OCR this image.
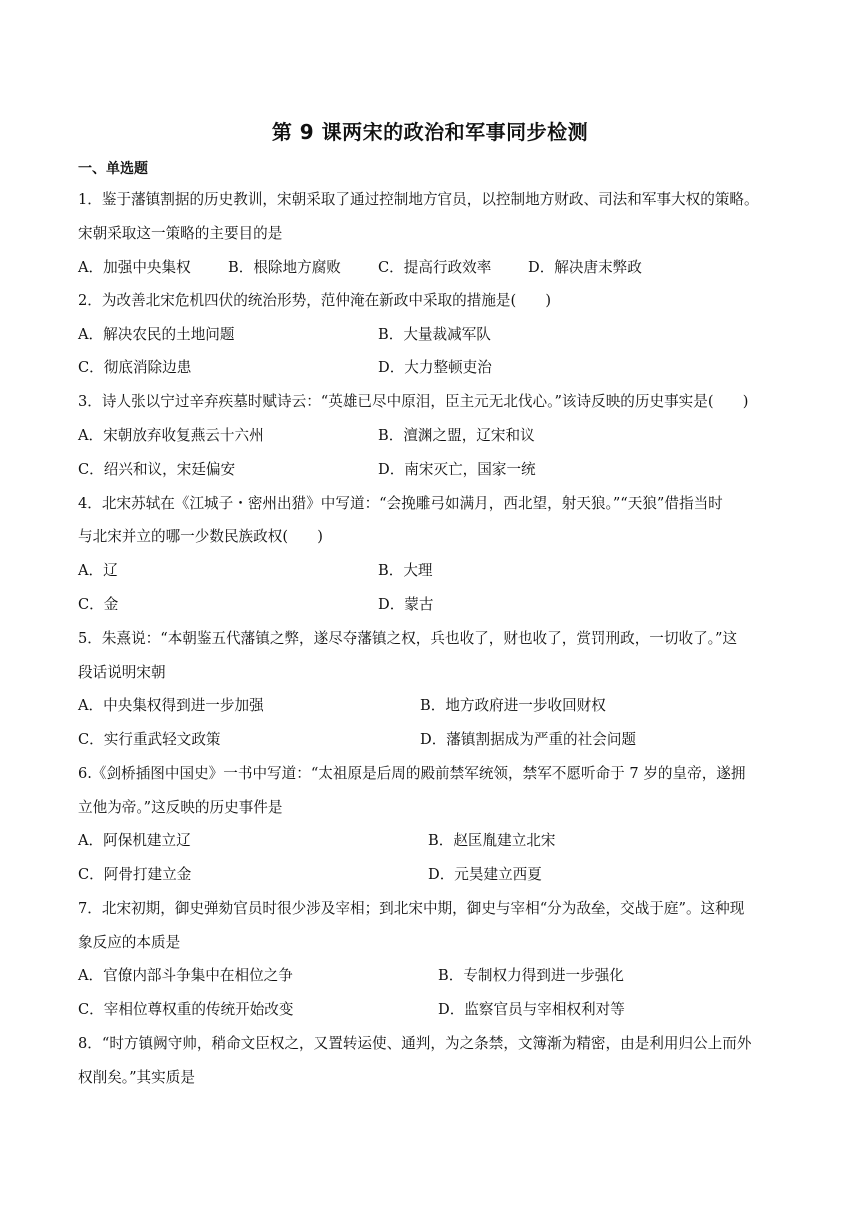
第 9 课两宋的政治和军事同步检测
一、单选题
1．鉴于藩镇割据的历史教训，宋朝采取了通过控制地方官员，以控制地方财政、司法和军事大权的策略。
宋朝采取这一策略的主要目的是
A．加强中央集权	B．根除地方腐败	C．提高行政效率	D．解决唐末弊政
2．为改善北宋危机四伏的统治形势，范仲淹在新政中采取的措施是(　　)
A．解决农民的土地问题	B．大量裁减军队
C．彻底消除边患	D．大力整顿吏治
3．诗人张以宁过辛弃疾墓时赋诗云：“英雄已尽中原泪，臣主元无北伐心。”该诗反映的历史事实是(　　)
A．宋朝放弃收复燕云十六州	B．澶渊之盟，辽宋和议
C．绍兴和议，宋廷偏安	D．南宋灭亡，国家一统
4．北宋苏轼在《江城子・密州出猎》中写道：“会挽雕弓如满月，西北望，射天狼。”“天狼”借指当时
与北宋并立的哪一少数民族政权(　　)
A．辽	B．大理
C．金	D．蒙古
5．朱熹说：“本朝鉴五代藩镇之弊，遂尽夺藩镇之权，兵也收了，财也收了，赏罚刑政，一切收了。”这
段话说明宋朝
A．中央集权得到进一步加强	B．地方政府进一步收回财权
C．实行重武轻文政策	D．藩镇割据成为严重的社会问题
6.《剑桥插图中国史》一书中写道：“太祖原是后周的殿前禁军统领，禁军不愿听命于 7 岁的皇帝，遂拥
立他为帝。”这反映的历史事件是
A．阿保机建立辽	B．赵匡胤建立北宋
C．阿骨打建立金	D．元昊建立西夏
7．北宋初期，御史弹劾官员时很少涉及宰相；到北宋中期，御史与宰相“分为敌垒，交战于庭”。这种现
象反应的本质是
A．官僚内部斗争集中在相位之争	B．专制权力得到进一步强化
C．宰相位尊权重的传统开始改变	D．监察官员与宰相权利对等
8．“时方镇阙守帅，稍命文臣权之，又置转运使、通判，为之条禁，文簿渐为精密，由是利用归公上而外
权削矣。”其实质是
